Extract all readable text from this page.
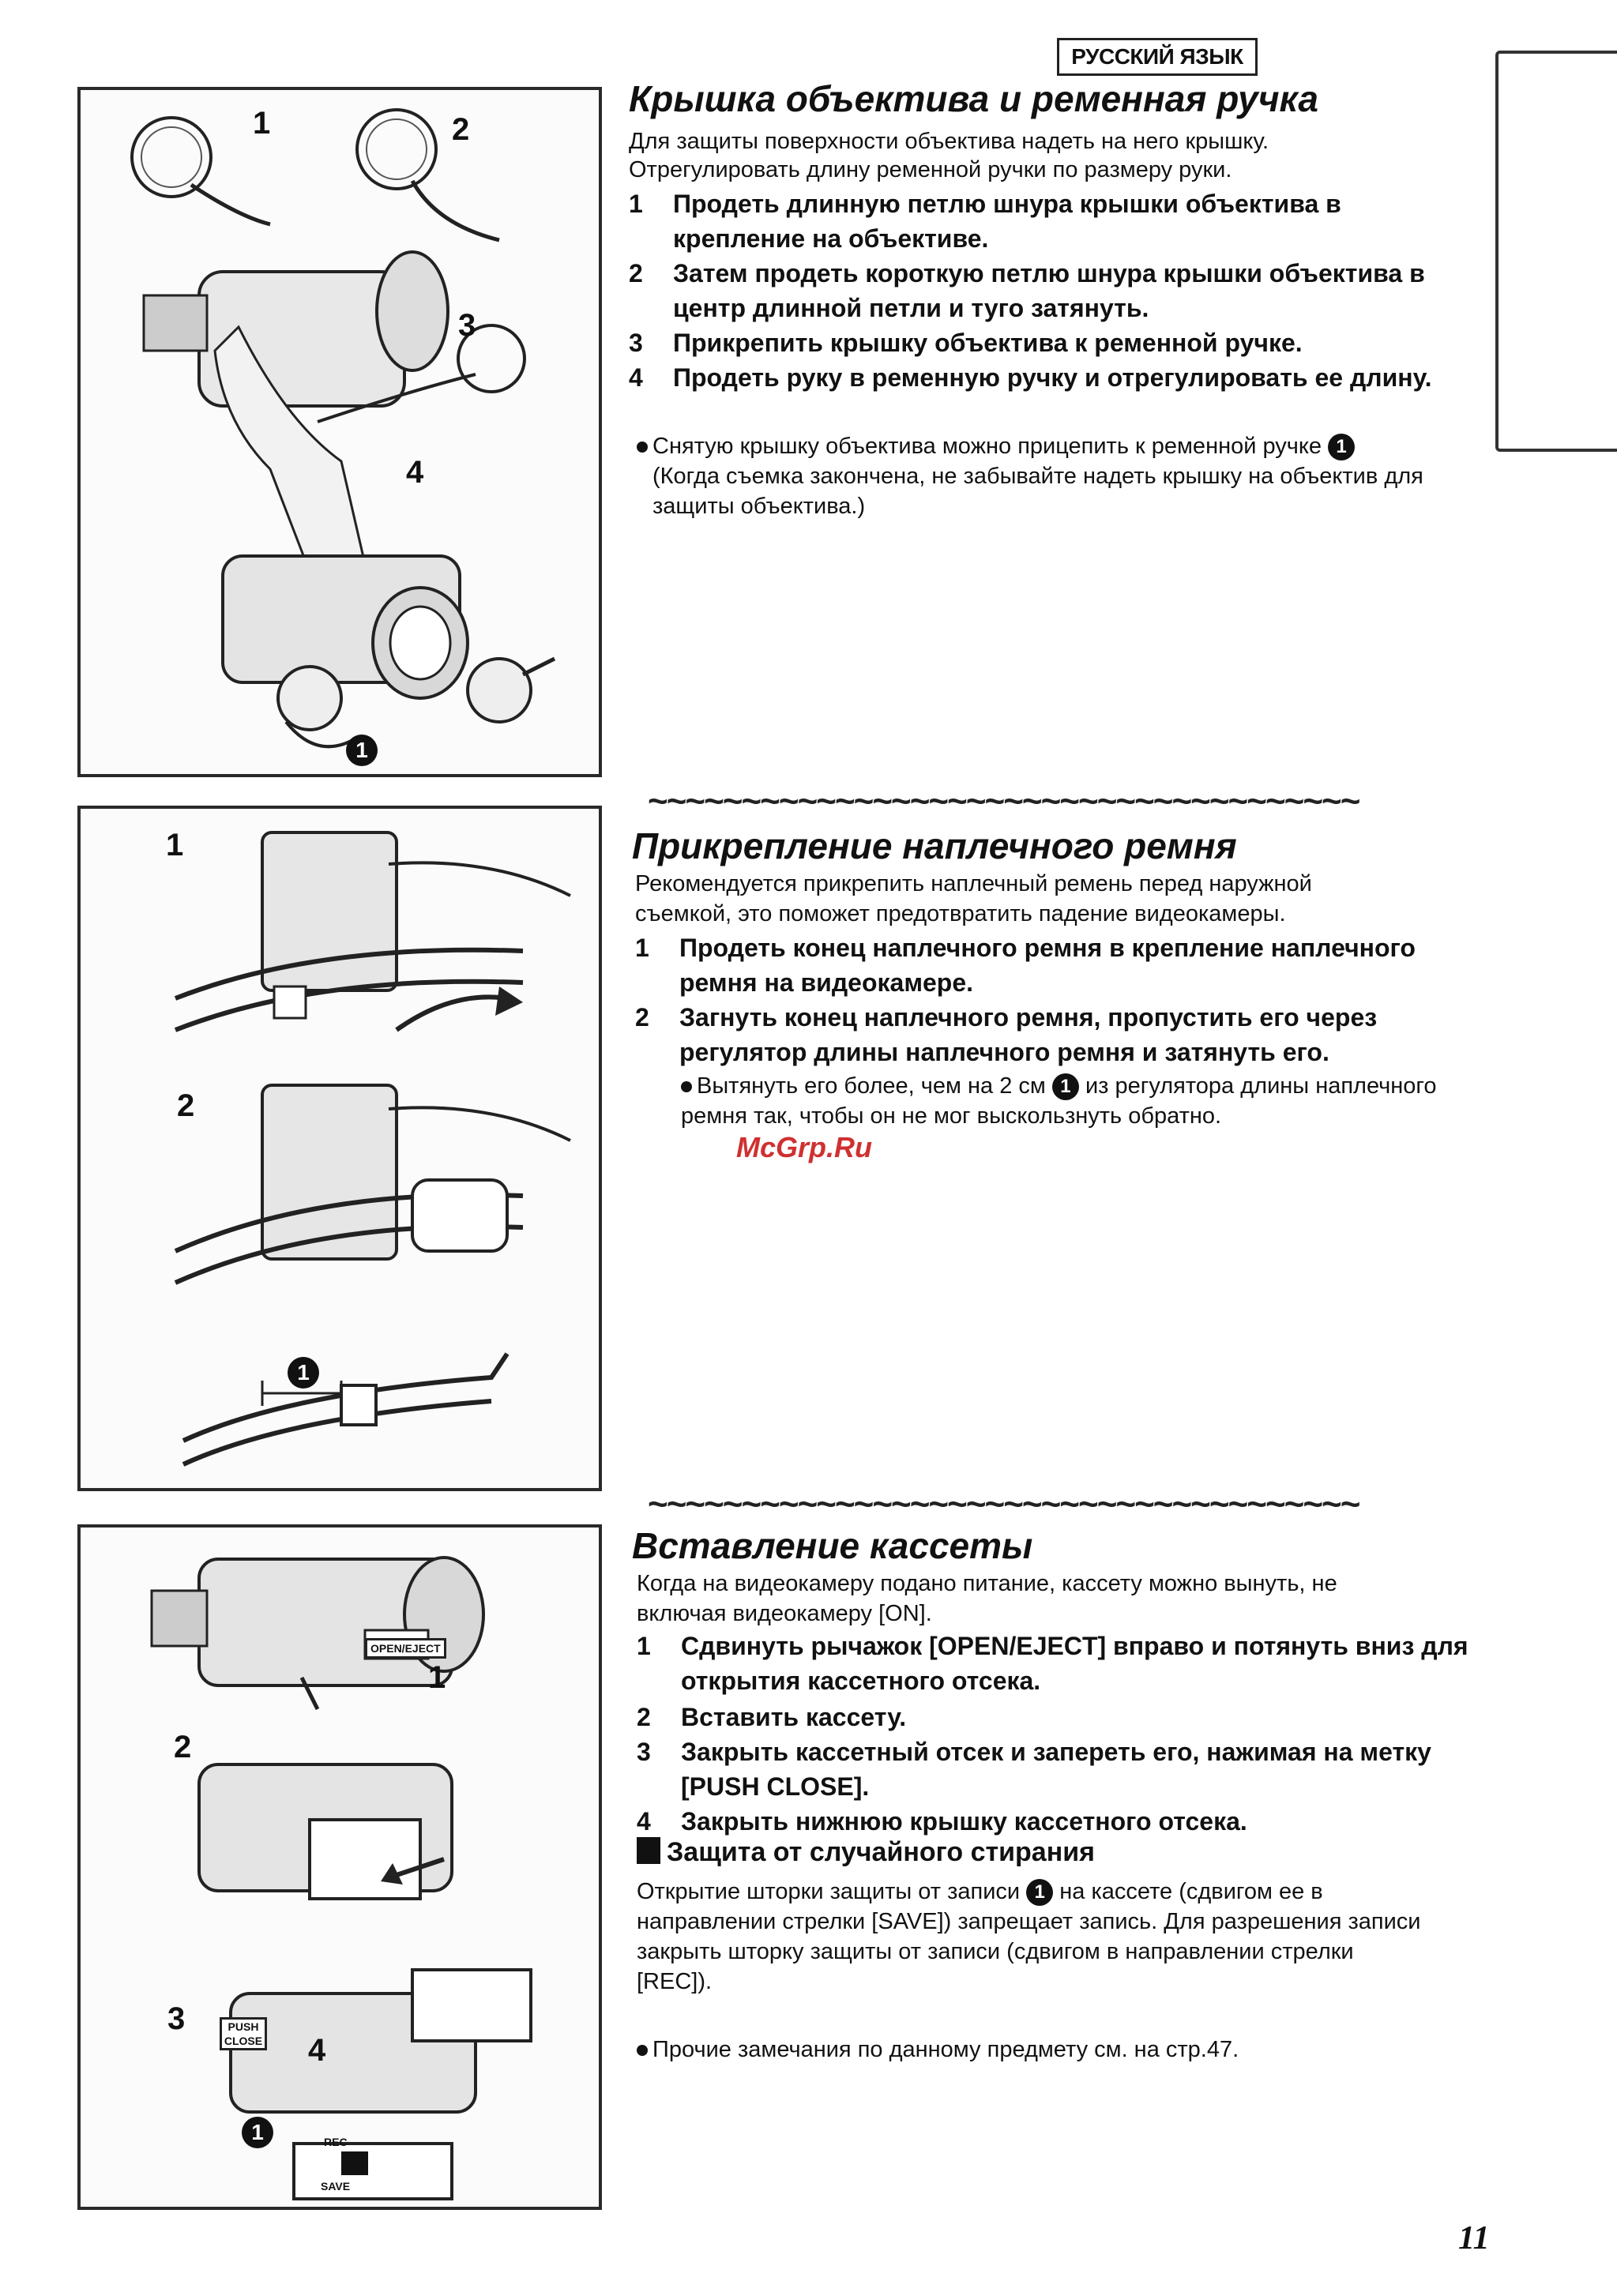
РУССКИЙ ЯЗЫК
1	2
3
4
1
Крышка объектива и ременная ручка
Для защиты поверхности объектива надеть на него крышку.
Отрегулировать длину ременной ручки по размеру руки.
1 Продеть длинную петлю шнура крышки объектива в крепление на объективе.
2 Затем продеть короткую петлю шнура крышки объектива в центр длинной петли и туго затянуть.
3 Прикрепить крышку объектива к ременной ручке.
4 Продеть руку в ременную ручку и отрегулировать ее длину.
Снятую крышку объектива можно прицепить к ременной ручке 1
(Когда съемка закончена, не забывайте надеть крышку на объектив для защиты объектива.)
1
2
1
~~~~~~~~~~~~~~~~~~~~~~~~~~~~~~~~~~~~~~
Прикрепление наплечного ремня
Рекомендуется прикрепить наплечный ремень перед наружной съемкой, это поможет предотвратить падение видеокамеры.
1 Продеть конец наплечного ремня в крепление наплечного ремня на видеокамере.
2 Загнуть конец наплечного ремня, пропустить его через регулятор длины наплечного ремня и затянуть его.
Вытянуть его более, чем на 2 см 1 из регулятора длины наплечного ремня так, чтобы он не мог выскользнуть обратно.
McGrp.Ru
1
2
3
4
1
OPEN/EJECT
PUSH
CLOSE
REC
SAVE
~~~~~~~~~~~~~~~~~~~~~~~~~~~~~~~~~~~~~~
Вставление кассеты
Когда на видеокамеру подано питание, кассету можно вынуть, не включая видеокамеру [ON].
1 Сдвинуть рычажок [OPEN/EJECT] вправо и потянуть вниз для открытия кассетного отсека.
2 Вставить кассету.
3 Закрыть кассетный отсек и запереть его, нажимая на метку [PUSH CLOSE].
4 Закрыть нижнюю крышку кассетного отсека.
Защита от случайного стирания
Открытие шторки защиты от записи 1 на кассете (сдвигом ее в направлении стрелки [SAVE]) запрещает запись. Для разрешения записи закрыть шторку защиты от записи (сдвигом в направлении стрелки [REC]).
Прочие замечания по данному предмету см. на стр.47.
11
